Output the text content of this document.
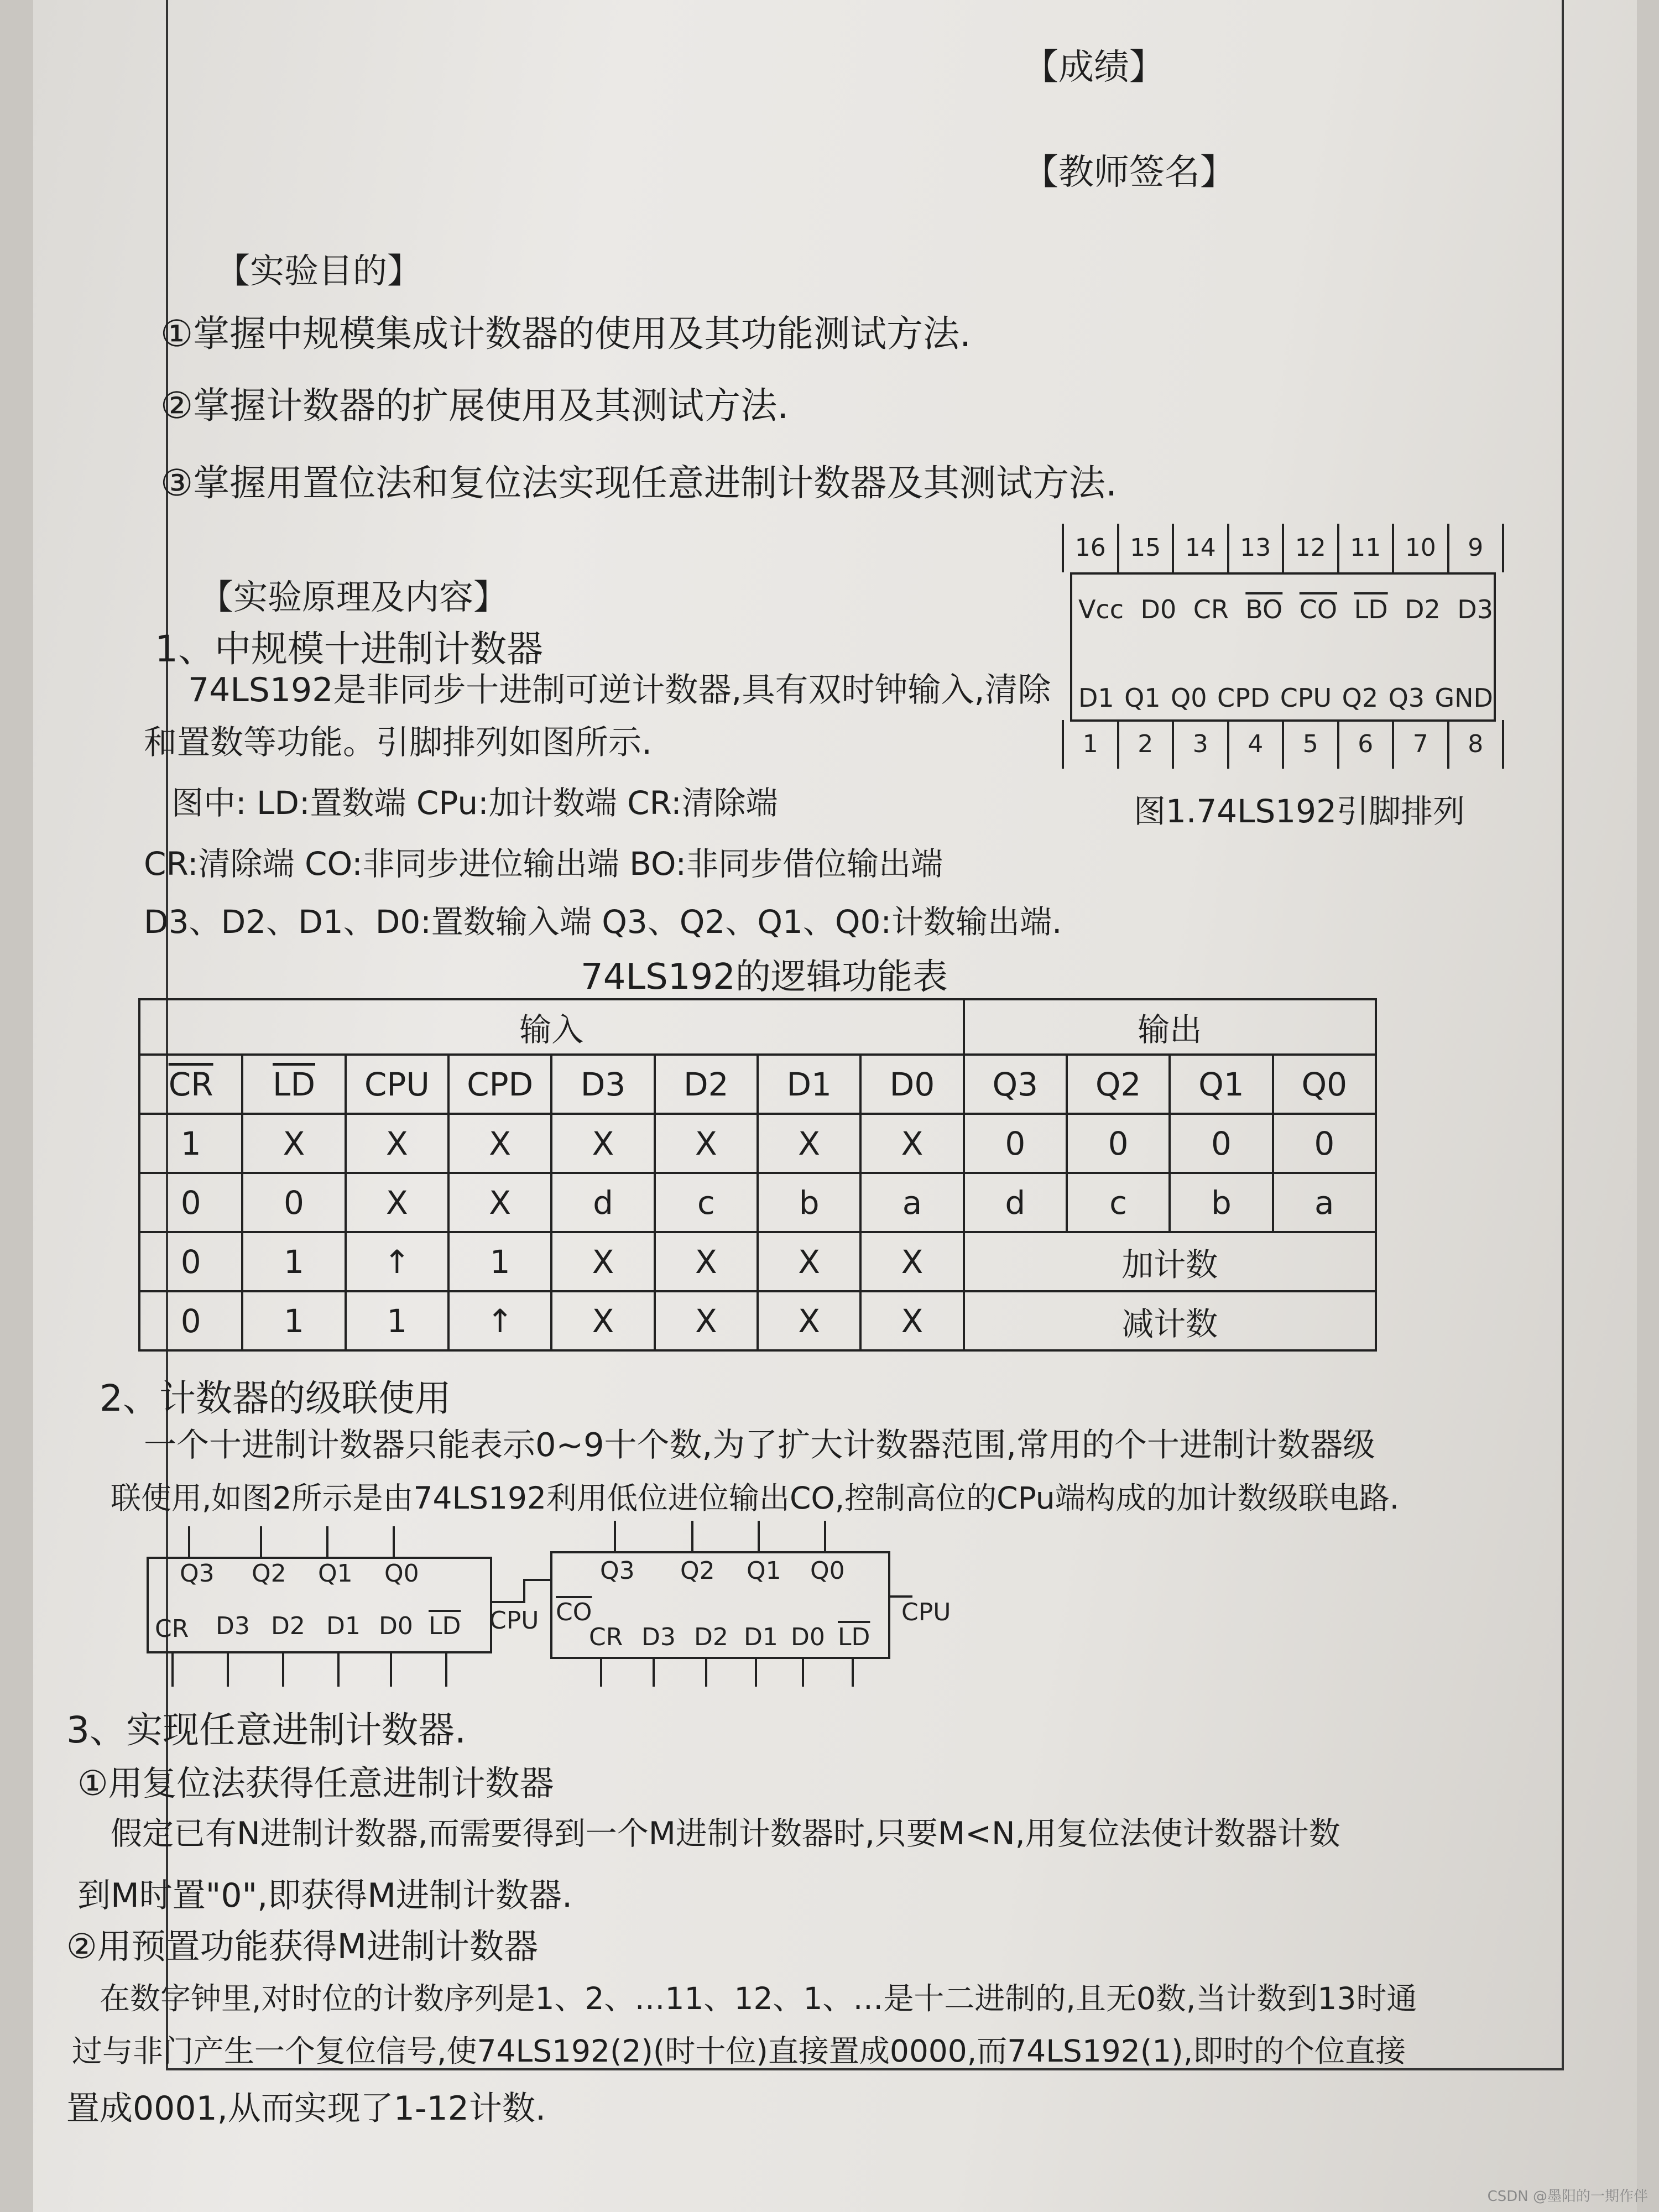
【成绩】
【教师签名】
【实验目的】
①掌握中规模集成计数器的使用及其功能测试方法.
②掌握计数器的扩展使用及其测试方法.
③掌握用置位法和复位法实现任意进制计数器及其测试方法.
【实验原理及内容】
1、中规模十进制计数器
74LS192是非同步十进制可逆计数器,具有双时钟输入,清除
和置数等功能。引脚排列如图所示.
图中: LD:置数端 CPu:加计数端 CR:清除端
CR:清除端 CO:非同步进位输出端 BO:非同步借位输出端
D3、D2、D1、D0:置数输入端 Q3、Q2、Q1、Q0:计数输出端.
16 15 14 13 12 11 10	9
Vcc D0 CR $\overline{BO}$ $\overline{CO}$ $\overline{LD}$ D2 D3
D1 Q1 Q0 CPD CPU Q2 Q3 GND
1	2	3	4	5	6	7	8
图1.74LS192引脚排列
74LS192的逻辑功能表
输入								输出			
$\overline{CR}$	$\overline{LD}$	CPU	CPD	D3	D2	D1	D0	Q3	Q2	Q1	Q0
1	X	X	X	X	X	X	X	0	0	0	0
0	0	X	X	d	c	b	a	d	c	b	a
0	1	↑	1	X	X	X	X	加计数			
0	1	1	↑	X	X	X	X	减计数			
2、计数器的级联使用
一个十进制计数器只能表示0~9十个数,为了扩大计数器范围,常用的个十进制计数器级
联使用,如图2所示是由74LS192利用低位进位输出CO,控制高位的CPu端构成的加计数级联电路.
Q3 Q2 Q1 Q0
CR D3 D2 D1 D0 $\overline{LD}$ CPU
Q3 Q2 Q1 Q0
$\overline{CO}$
CR D3 D2 D1 D0 $\overline{LD}$
CPU
3、实现任意进制计数器.
①用复位法获得任意进制计数器
假定已有N进制计数器,而需要得到一个M进制计数器时,只要M<N,用复位法使计数器计数
到M时置"0",即获得M进制计数器.
②用预置功能获得M进制计数器
在数字钟里,对时位的计数序列是1、2、…11、12、1、…是十二进制的,且无0数,当计数到13时通
过与非门产生一个复位信号,使74LS192(2)(时十位)直接置成0000,而74LS192(1),即时的个位直接
置成0001,从而实现了1-12计数.
CSDN @墨阳的一期作伴
